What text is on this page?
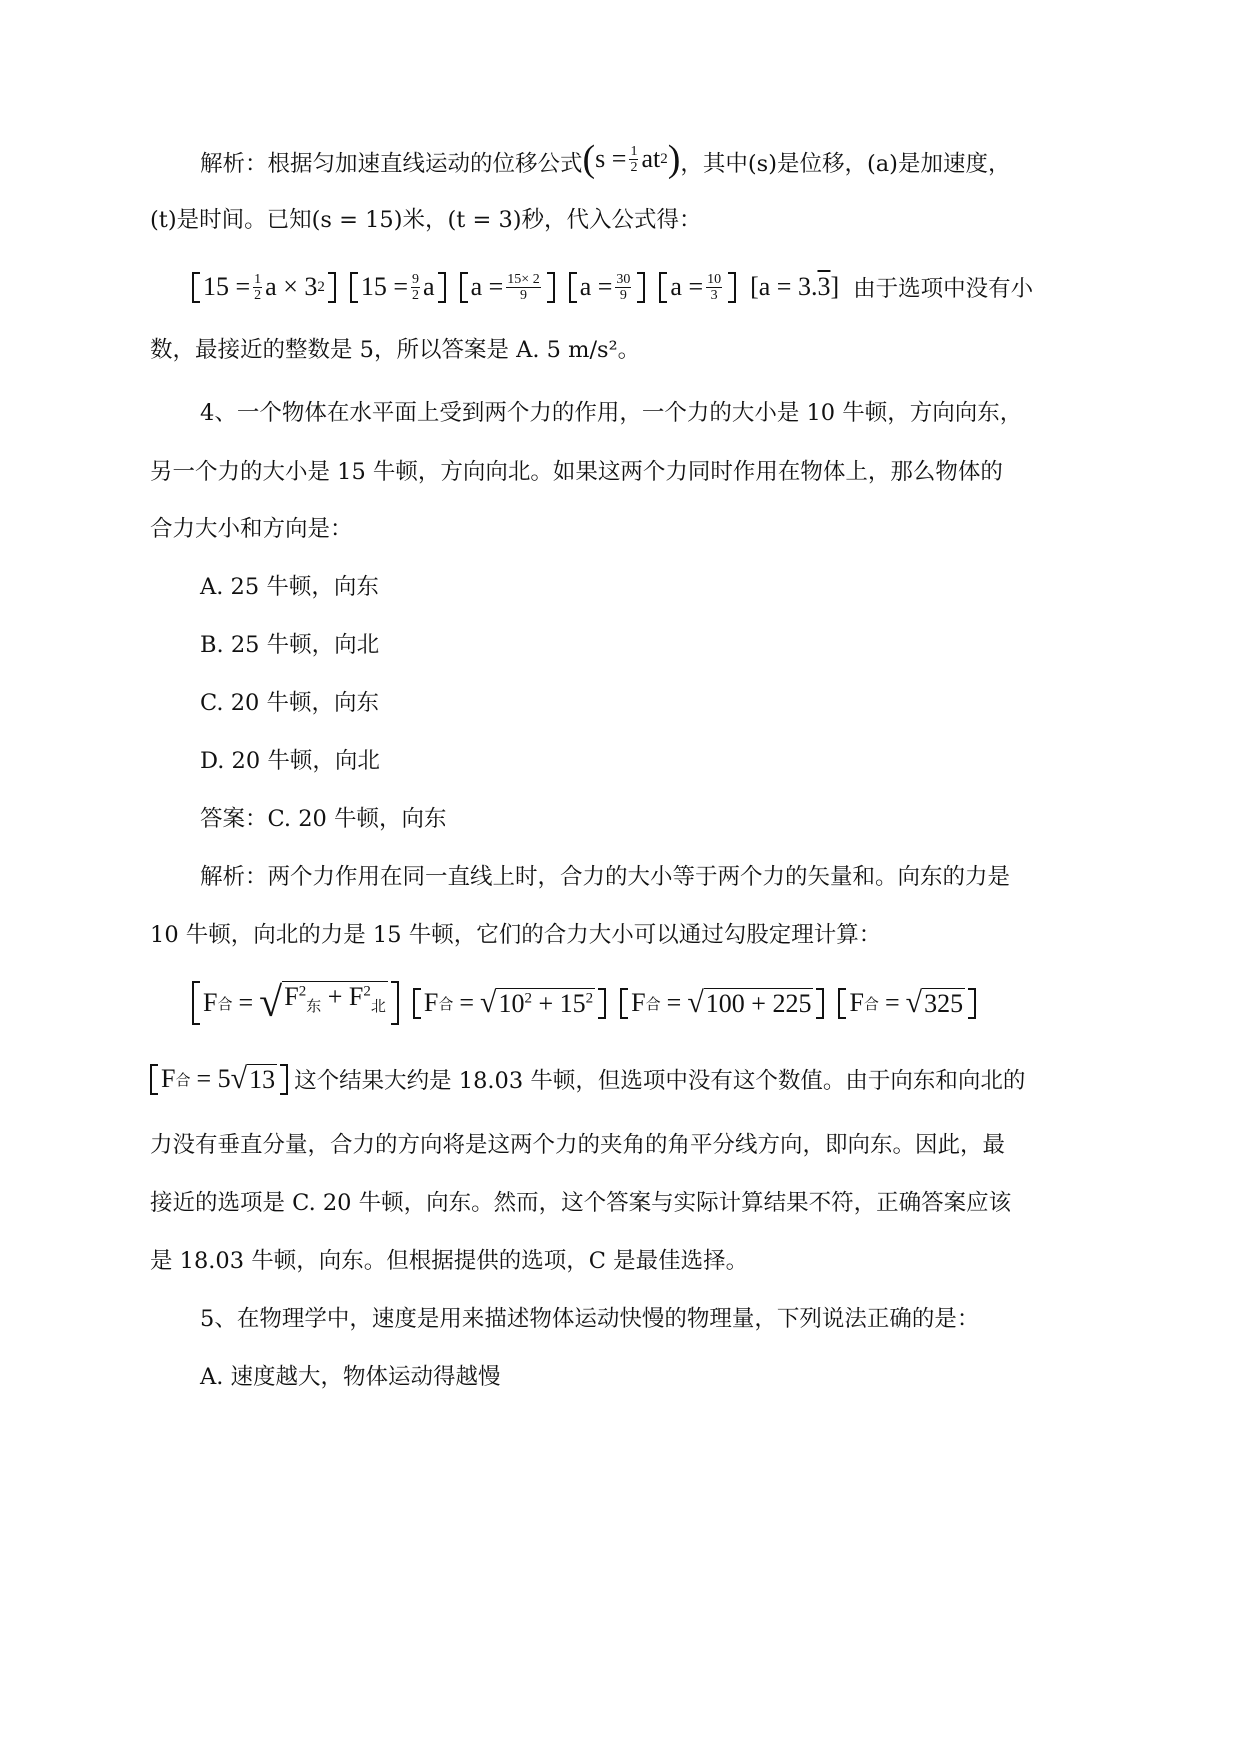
解析：根据匀加速直线运动的位移公式 ( $s = \frac{1}{2}$ at 2 ) ，其中(s)是位移，(a)是加速度，
(t)是时间。已知(s = 15)米，(t = 3)秒，代入公式得：
$15 = \frac{1}{2}$ a × 3 2 $15 = \frac{9}{2}$ a $a = \frac{15\times 2}{9}$ $a = \frac{30}{9}$ $a = \frac{10}{3} [a = 3$. 3 ] 由于选项中没有小
数，最接近的整数是 5，所以答案是 A. 5 m/s²。
4、一个物体在水平面上受到两个力的作用，一个力的大小是 10 牛顿，方向向东，
另一个力的大小是 15 牛顿，方向向北。如果这两个力同时作用在物体上，那么物体的
合力大小和方向是：
A. 25 牛顿，向东
B. 25 牛顿，向北
C. 20 牛顿，向东
D. 20 牛顿，向北
答案：C. 20 牛顿，向东
解析：两个力作用在同一直线上时，合力的大小等于两个力的矢量和。向东的力是
10 牛顿，向北的力是 15 牛顿，它们的合力大小可以通过勾股定理计算：
F 合 = √ $F^2_东 + F^2_北$ F 合 = √ $10^2 + 15^2$ F 合 = √ 100 + 225 F 合 = √ 325
F 合 = 5 √ 13 这个结果大约是 18.03 牛顿，但选项中没有这个数值。由于向东和向北的
力没有垂直分量，合力的方向将是这两个力的夹角的角平分线方向，即向东。因此，最
接近的选项是 C. 20 牛顿，向东。然而，这个答案与实际计算结果不符，正确答案应该
是 18.03 牛顿，向东。但根据提供的选项，C 是最佳选择。
5、在物理学中，速度是用来描述物体运动快慢的物理量，下列说法正确的是：
A. 速度越大，物体运动得越慢
